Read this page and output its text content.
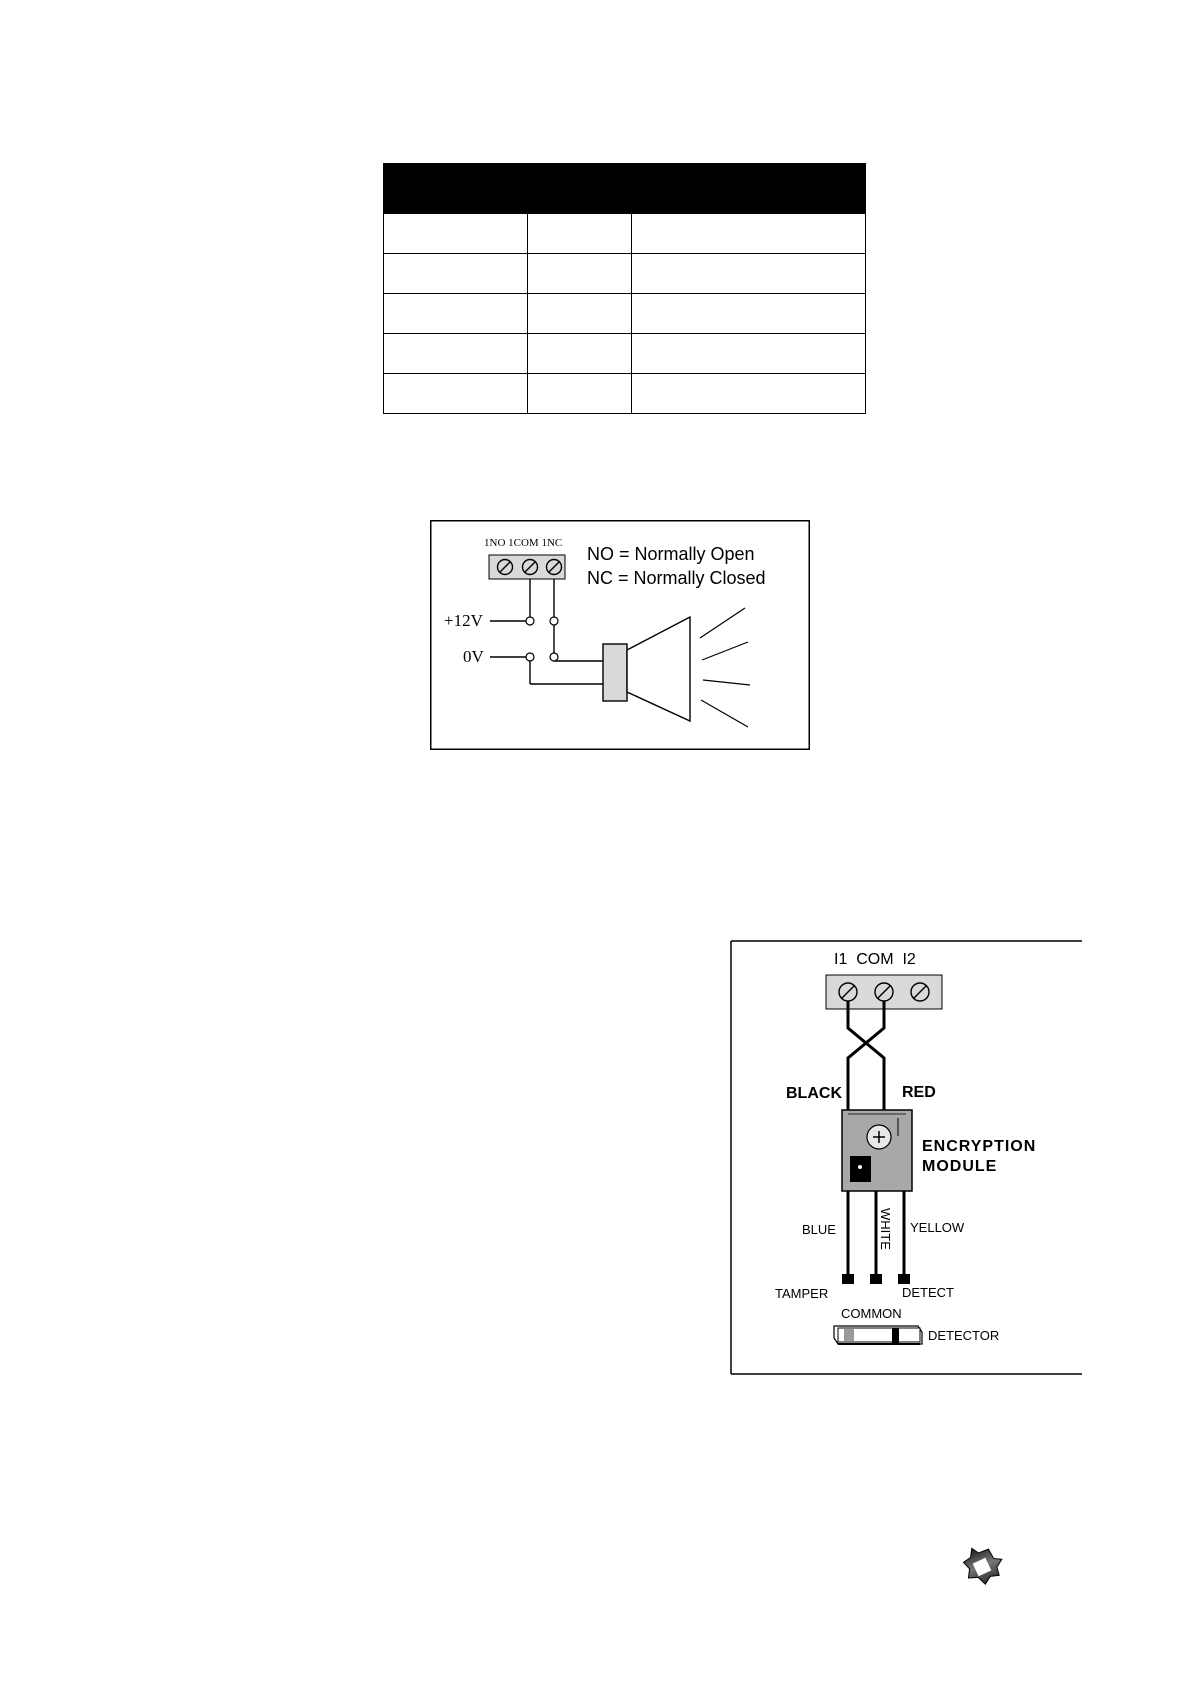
1NO 1COM 1NC
+12V
0V
NO = Normally Open
NC = Normally Closed
I1  COM  I2
BLACK	RED
ENCRYPTION
MODULE
BLUE	WHITE YELLOW
TAMPER	DETECT
COMMON
DETECTOR
